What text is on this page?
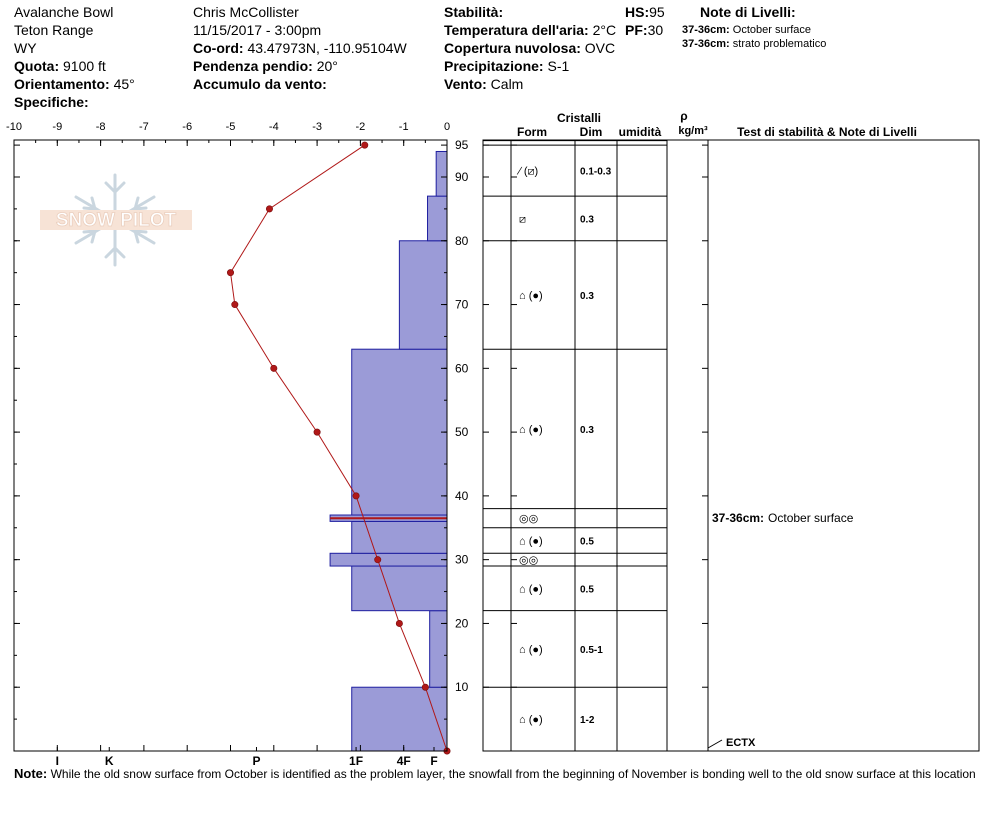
Avalanche Bowl
Teton Range
WY
Quota: 9100 ft
Orientamento: 45°
Specifiche:
Chris McCollister
11/15/2017 - 3:00pm
Co-ord: 43.47973N, -110.95104W
Pendenza pendio: 20°
Accumulo da vento:
Stabilità:
Temperatura dell'aria: 2°C
Copertura nuvolosa: OVC
Precipitazione: S-1
Vento: Calm
HS:95
PF:30
Note di Livelli:
37-36cm: October surface
37-36cm: strato problematico
SNOW PILOT
-10	-9	-8	-7	-6	-5	-4	-3	-2	-1	0
10
20
30
40
50
60
70
80
90
95
I	K	P	1F	4F F
⌂ (●)	1-2
⌂ (●)	0.5-1
⌂ (●)	0.5
◎◎
⌂ (●)	0.5
◎◎
⌂ (●)	0.3
⌂ (●)	0.3
⧄	0.3
∕ (⧄)	0.1-0.3
Cristalli
Form	Dim umidità
ρ
kg/m³ Test di stabilità & Note di Livelli
37-36cm: October surface
ECTX
Note: While the old snow surface from October is identified as the problem layer, the snowfall from the beginning of November is bonding well to the old snow surface at this location
